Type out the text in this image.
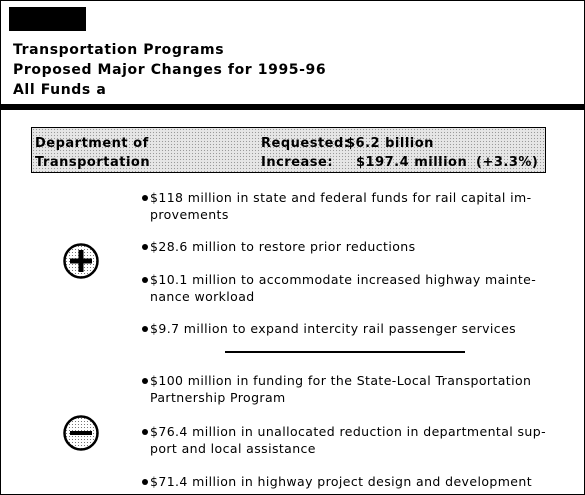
Transportation Programs
Proposed Major Changes for 1995-96
All Funds a
Department of
Transportation
Requested:
$6.2 billion
Increase: $197.4 million (+3.3%)
$118 million in state and federal funds for rail capital im-provements
$28.6 million to restore prior reductions
$10.1 million to accommodate increased highway mainte-nance workload
$9.7 million to expand intercity rail passenger services
$100 million in funding for the State-Local Transportation Partnership Program
$76.4 million in unallocated reduction in departmental sup-port and local assistance
$71.4 million in highway project design and development
